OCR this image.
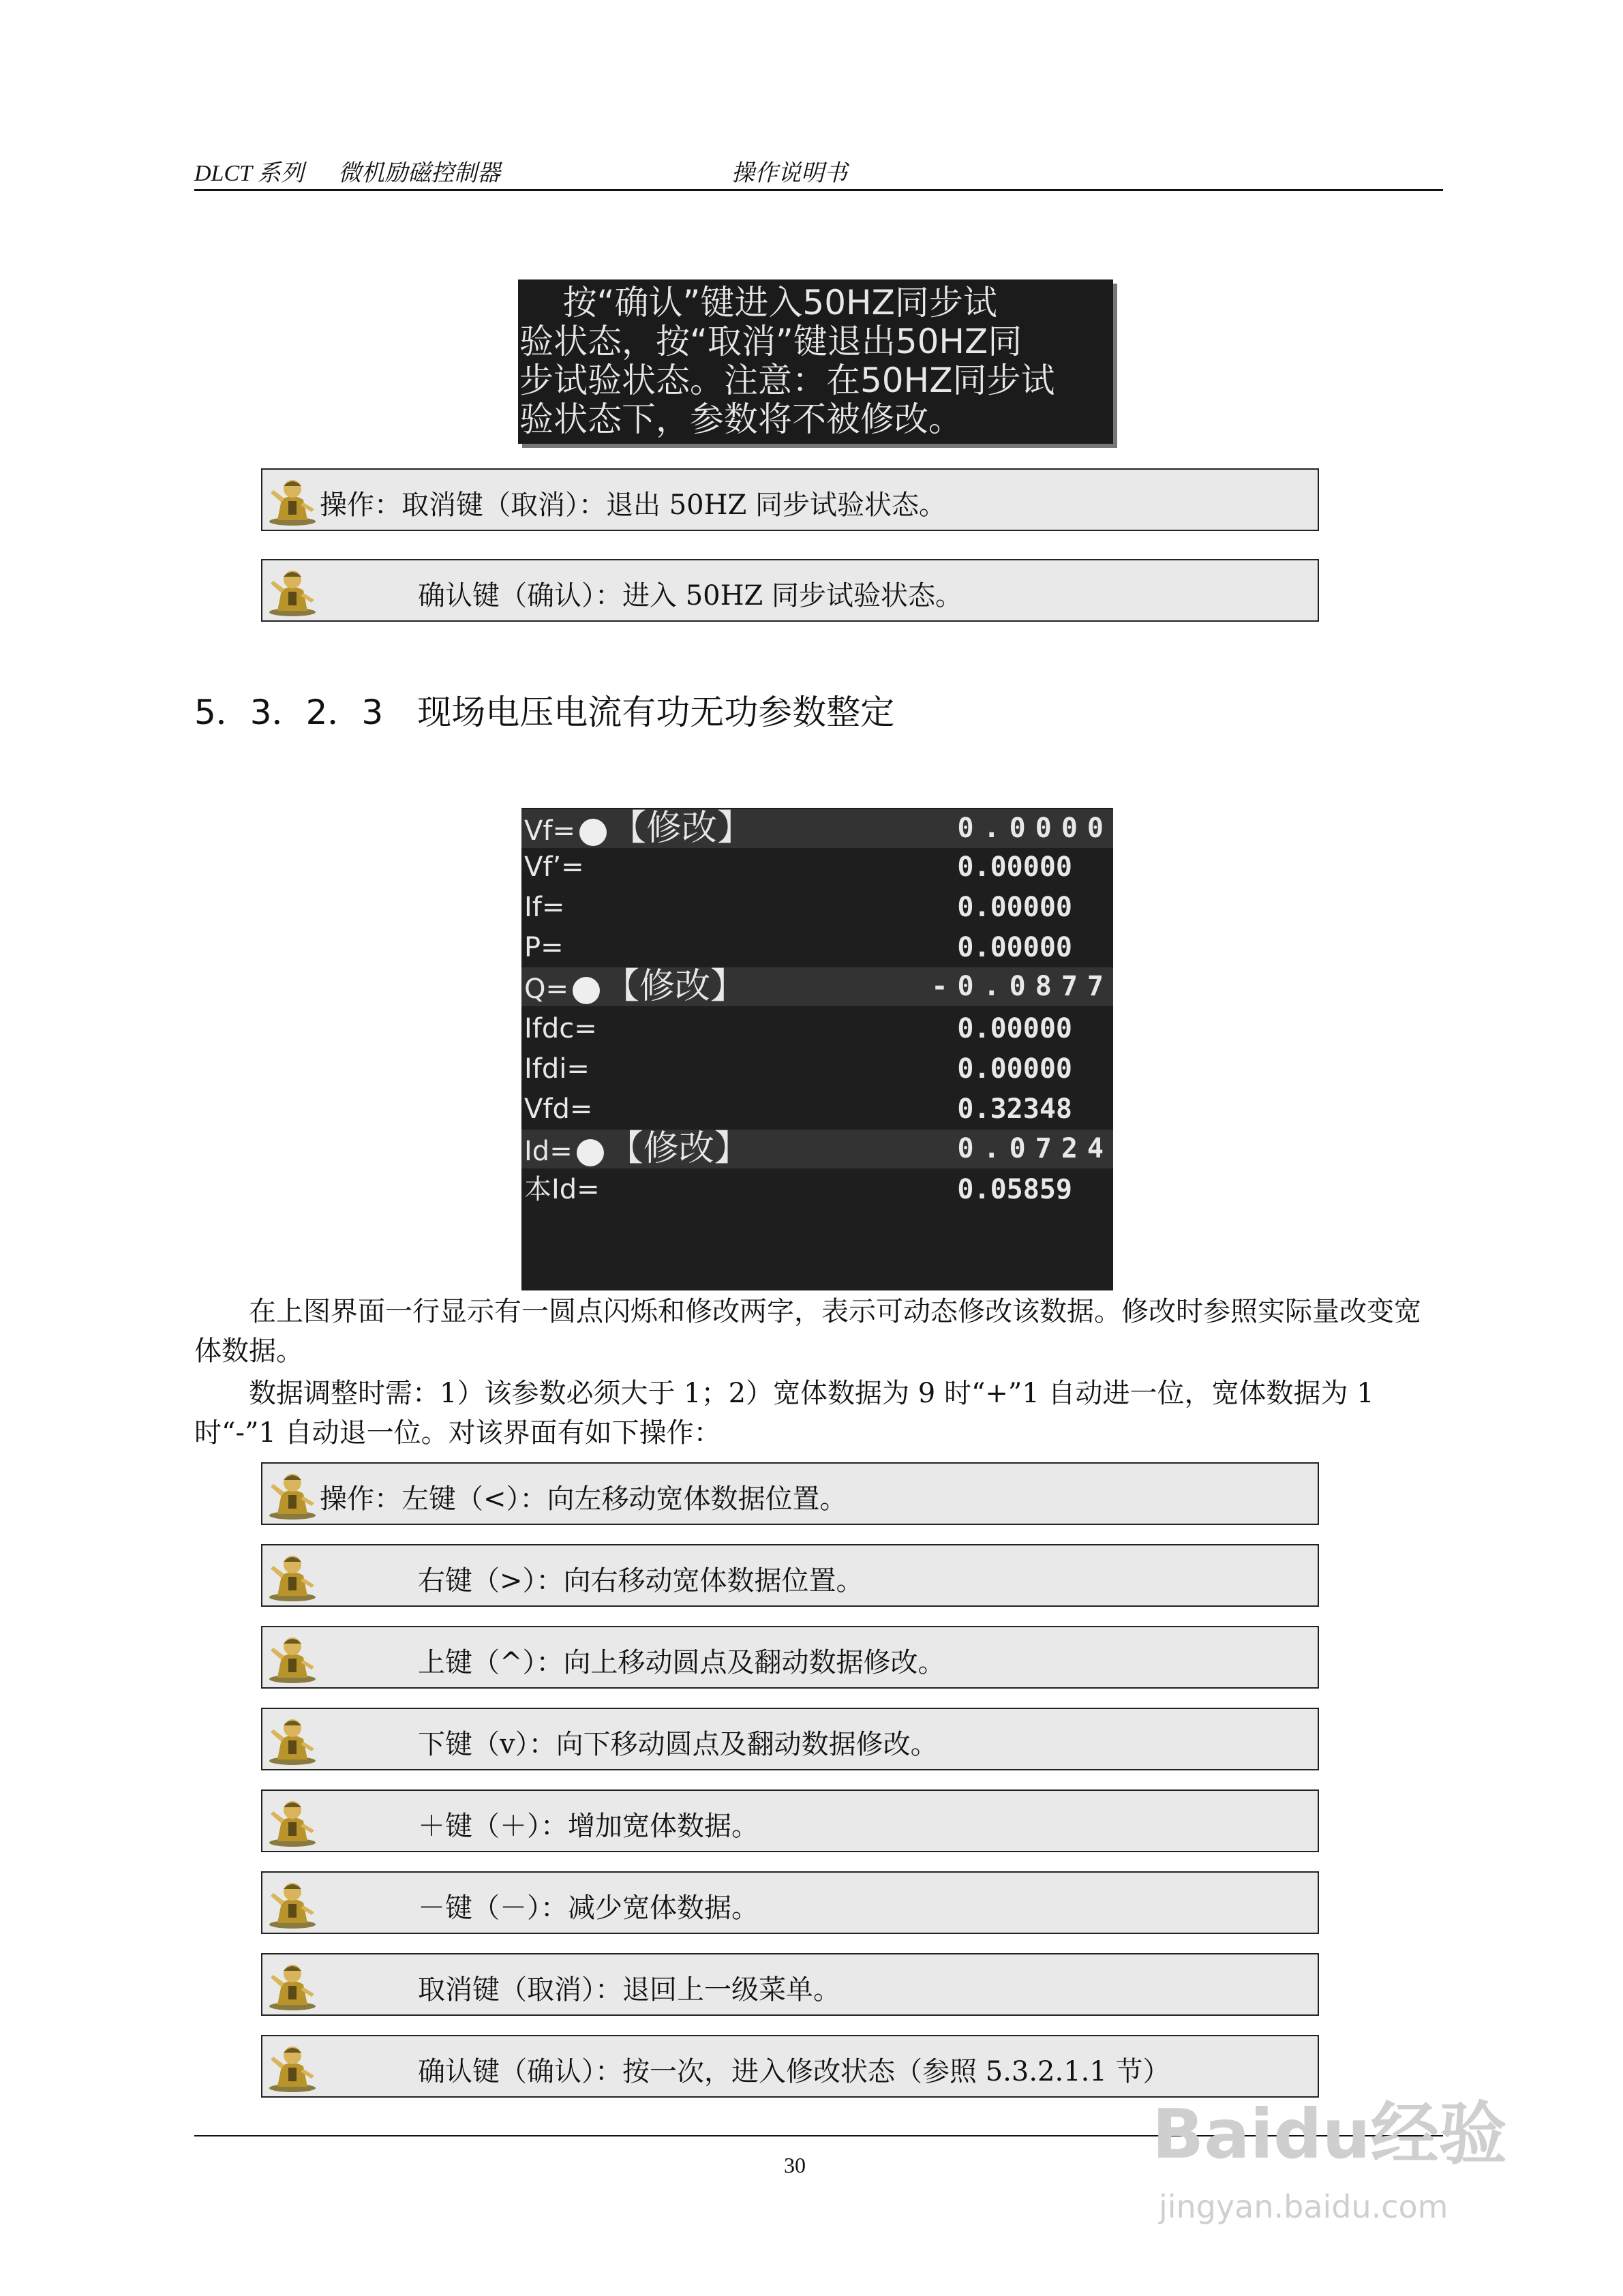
DLCT 系列 微机励磁控制器	操作说明书
按“确认”键进入50HZ同步试
验状态，按“取消”键退出50HZ同
步试验状态。注意：在50HZ同步试
验状态下，参数将不被修改。
操作：取消键（取消）：退出 50HZ 同步试验状态。
确认键（确认）：进入 50HZ 同步试验状态。
5．3．2．3　现场电压电流有功无功参数整定
Vf= 【修改】	0.0000
Vf’=	0.00000
If=	0.00000
P=	0.00000
Q= 【修改】	-0.0877
Ifdc=	0.00000
Ifdi=	0.00000
Vfd=	0.32348
Id= 【修改】	0.0724
本Id=	0.05859
　　在上图界面一行显示有一圆点闪烁和修改两字，表示可动态修改该数据。修改时参照实际量改变宽体数据。
　　数据调整时需：1）该参数必须大于 1；2）宽体数据为 9 时“+”1 自动进一位，宽体数据为 1 时“-”1 自动退一位。对该界面有如下操作：
操作：左键（<）：向左移动宽体数据位置。
右键（>）：向右移动宽体数据位置。
上键（^）：向上移动圆点及翻动数据修改。
下键（v）：向下移动圆点及翻动数据修改。
＋键（＋）：增加宽体数据。
－键（－）：减少宽体数据。
取消键（取消）：退回上一级菜单。
确认键（确认）：按一次，进入修改状态（参照 5.3.2.1.1 节）
30	Baidu经验
jingyan.baidu.com
